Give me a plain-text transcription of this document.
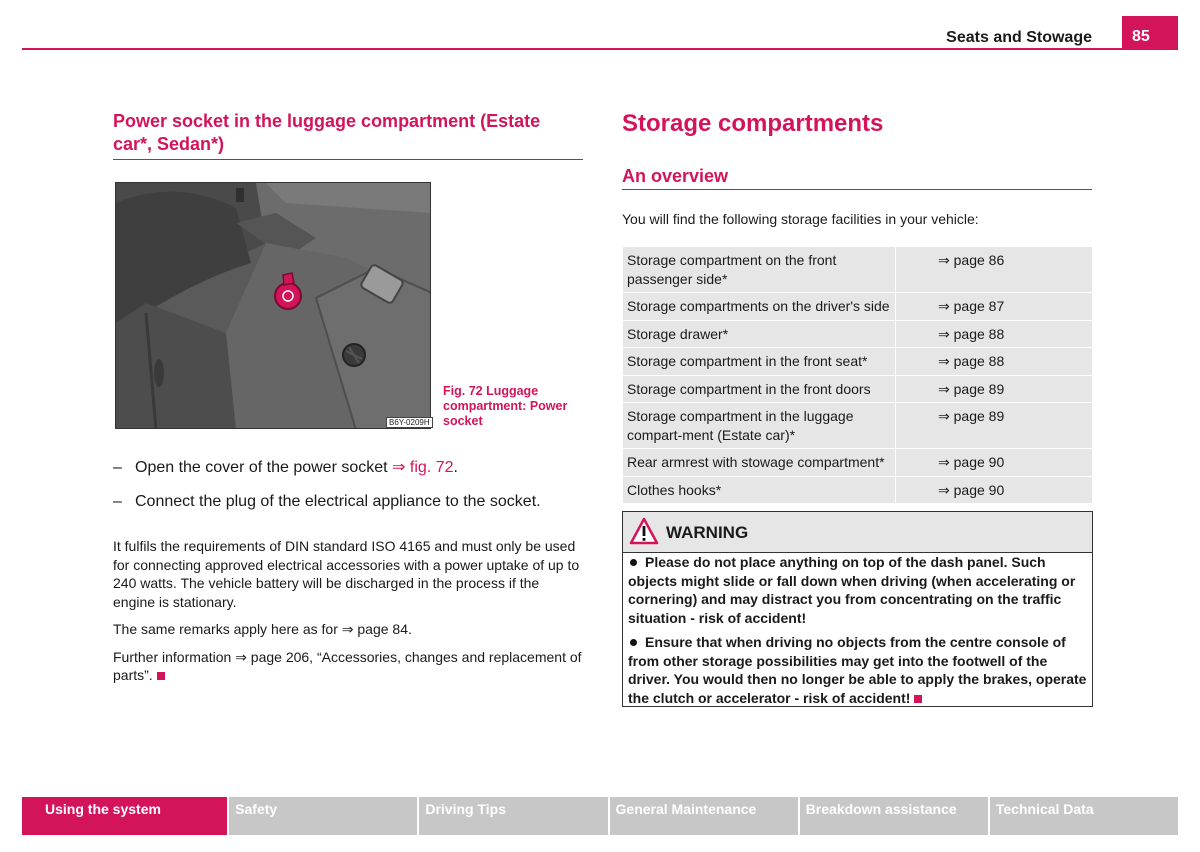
Seats and Stowage	85
Power socket in the luggage compartment (Estate car*, Sedan*)
B6Y-0209H
Fig. 72 Luggage compartment: Power socket
– Open the cover of the power socket ⇒ fig. 72.
– Connect the plug of the electrical appliance to the socket.

It fulfils the requirements of DIN standard ISO 4165 and must only be used for connecting approved electrical accessories with a power uptake of up to 240 watts. The vehicle battery will be discharged in the process if the engine is stationary.

The same remarks apply here as for ⇒ page 84.

Further information ⇒ page 206, “Accessories, changes and replacement of parts”.

Storage compartments
An overview
You will find the following storage facilities in your vehicle:
Storage compartment on the front passenger side*	⇒ page 86
Storage compartments on the driver's side	⇒ page 87
Storage drawer*	⇒ page 88
Storage compartment in the front seat*	⇒ page 88
Storage compartment in the front doors	⇒ page 89
Storage compartment in the luggage compart-ment (Estate car)*	⇒ page 89
Rear armrest with stowage compartment*	⇒ page 90
Clothes hooks*	⇒ page 90
WARNING
Please do not place anything on top of the dash panel. Such objects might slide or fall down when driving (when accelerating or cornering) and may distract you from concentrating on the traffic situation - risk of accident!
Ensure that when driving no objects from the centre console of from other storage possibilities may get into the footwell of the driver. You would then no longer be able to apply the brakes, operate the clutch or accelerator - risk of accident!
Using the system	Safety	Driving Tips	General Maintenance	Breakdown assistance	Technical Data
